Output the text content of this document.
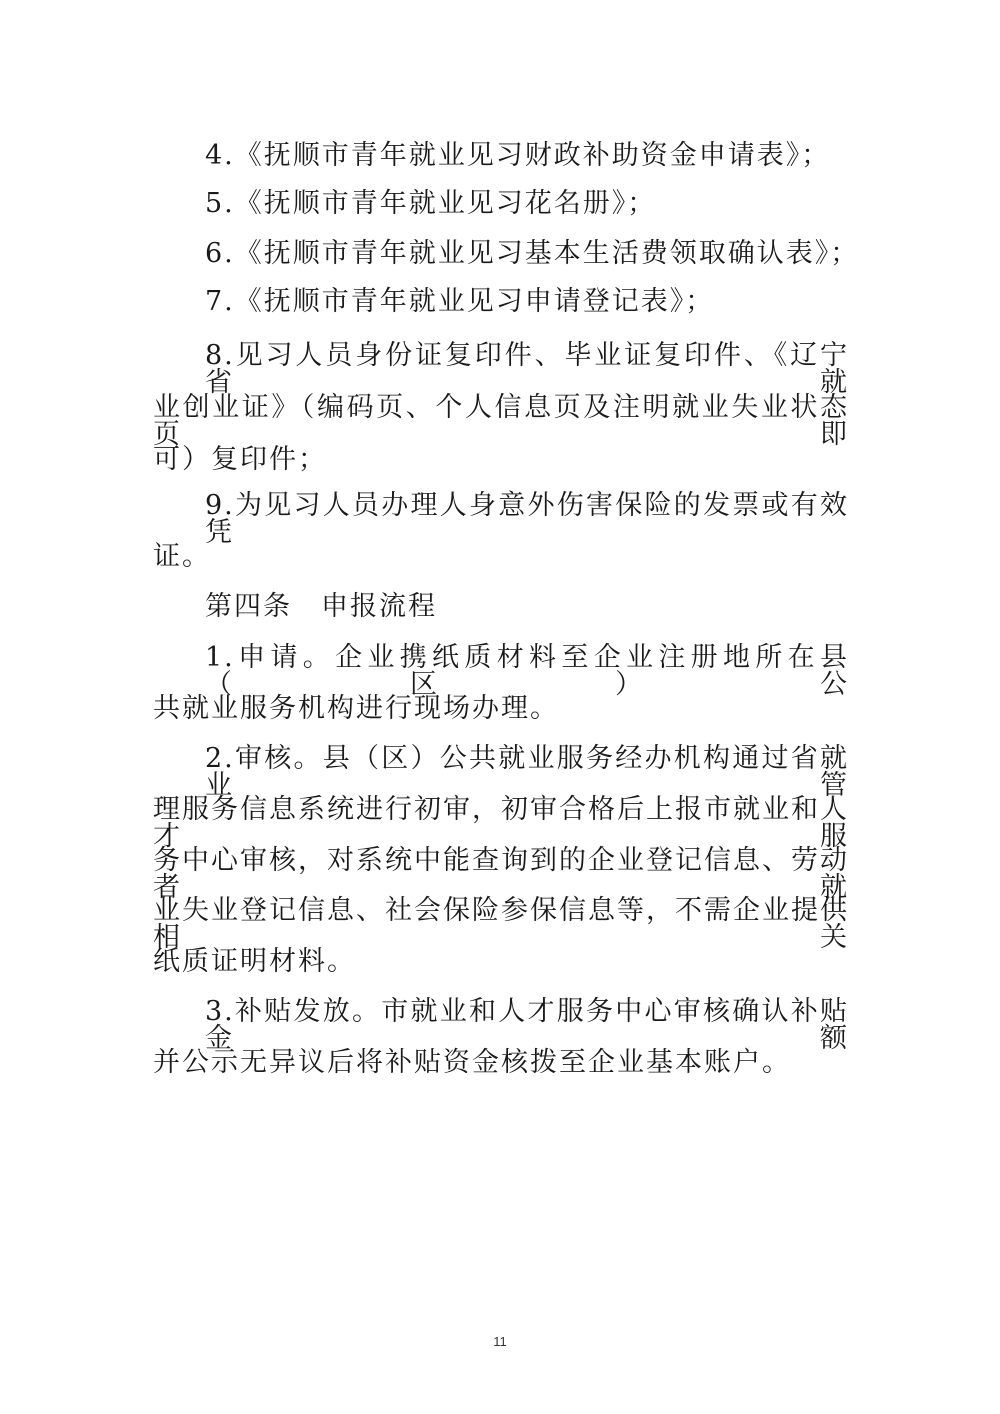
4.《抚顺市青年就业见习财政补助资金申请表》；
5.《抚顺市青年就业见习花名册》；
6.《抚顺市青年就业见习基本生活费领取确认表》；
7.《抚顺市青年就业见习申请登记表》；
8.见习人员身份证复印件、毕业证复印件、《辽宁省就
业创业证》（编码页、个人信息页及注明就业失业状态页即
可）复印件；
9.为见习人员办理人身意外伤害保险的发票或有效凭
证。
第四条　申报流程
1.申请。企业携纸质材料至企业注册地所在县（区）公
共就业服务机构进行现场办理。
2.审核。县（区）公共就业服务经办机构通过省就业管
理服务信息系统进行初审，初审合格后上报市就业和人才服
务中心审核，对系统中能查询到的企业登记信息、劳动者就
业失业登记信息、社会保险参保信息等，不需企业提供相关
纸质证明材料。
3.补贴发放。市就业和人才服务中心审核确认补贴金额
并公示无异议后将补贴资金核拨至企业基本账户。
11
